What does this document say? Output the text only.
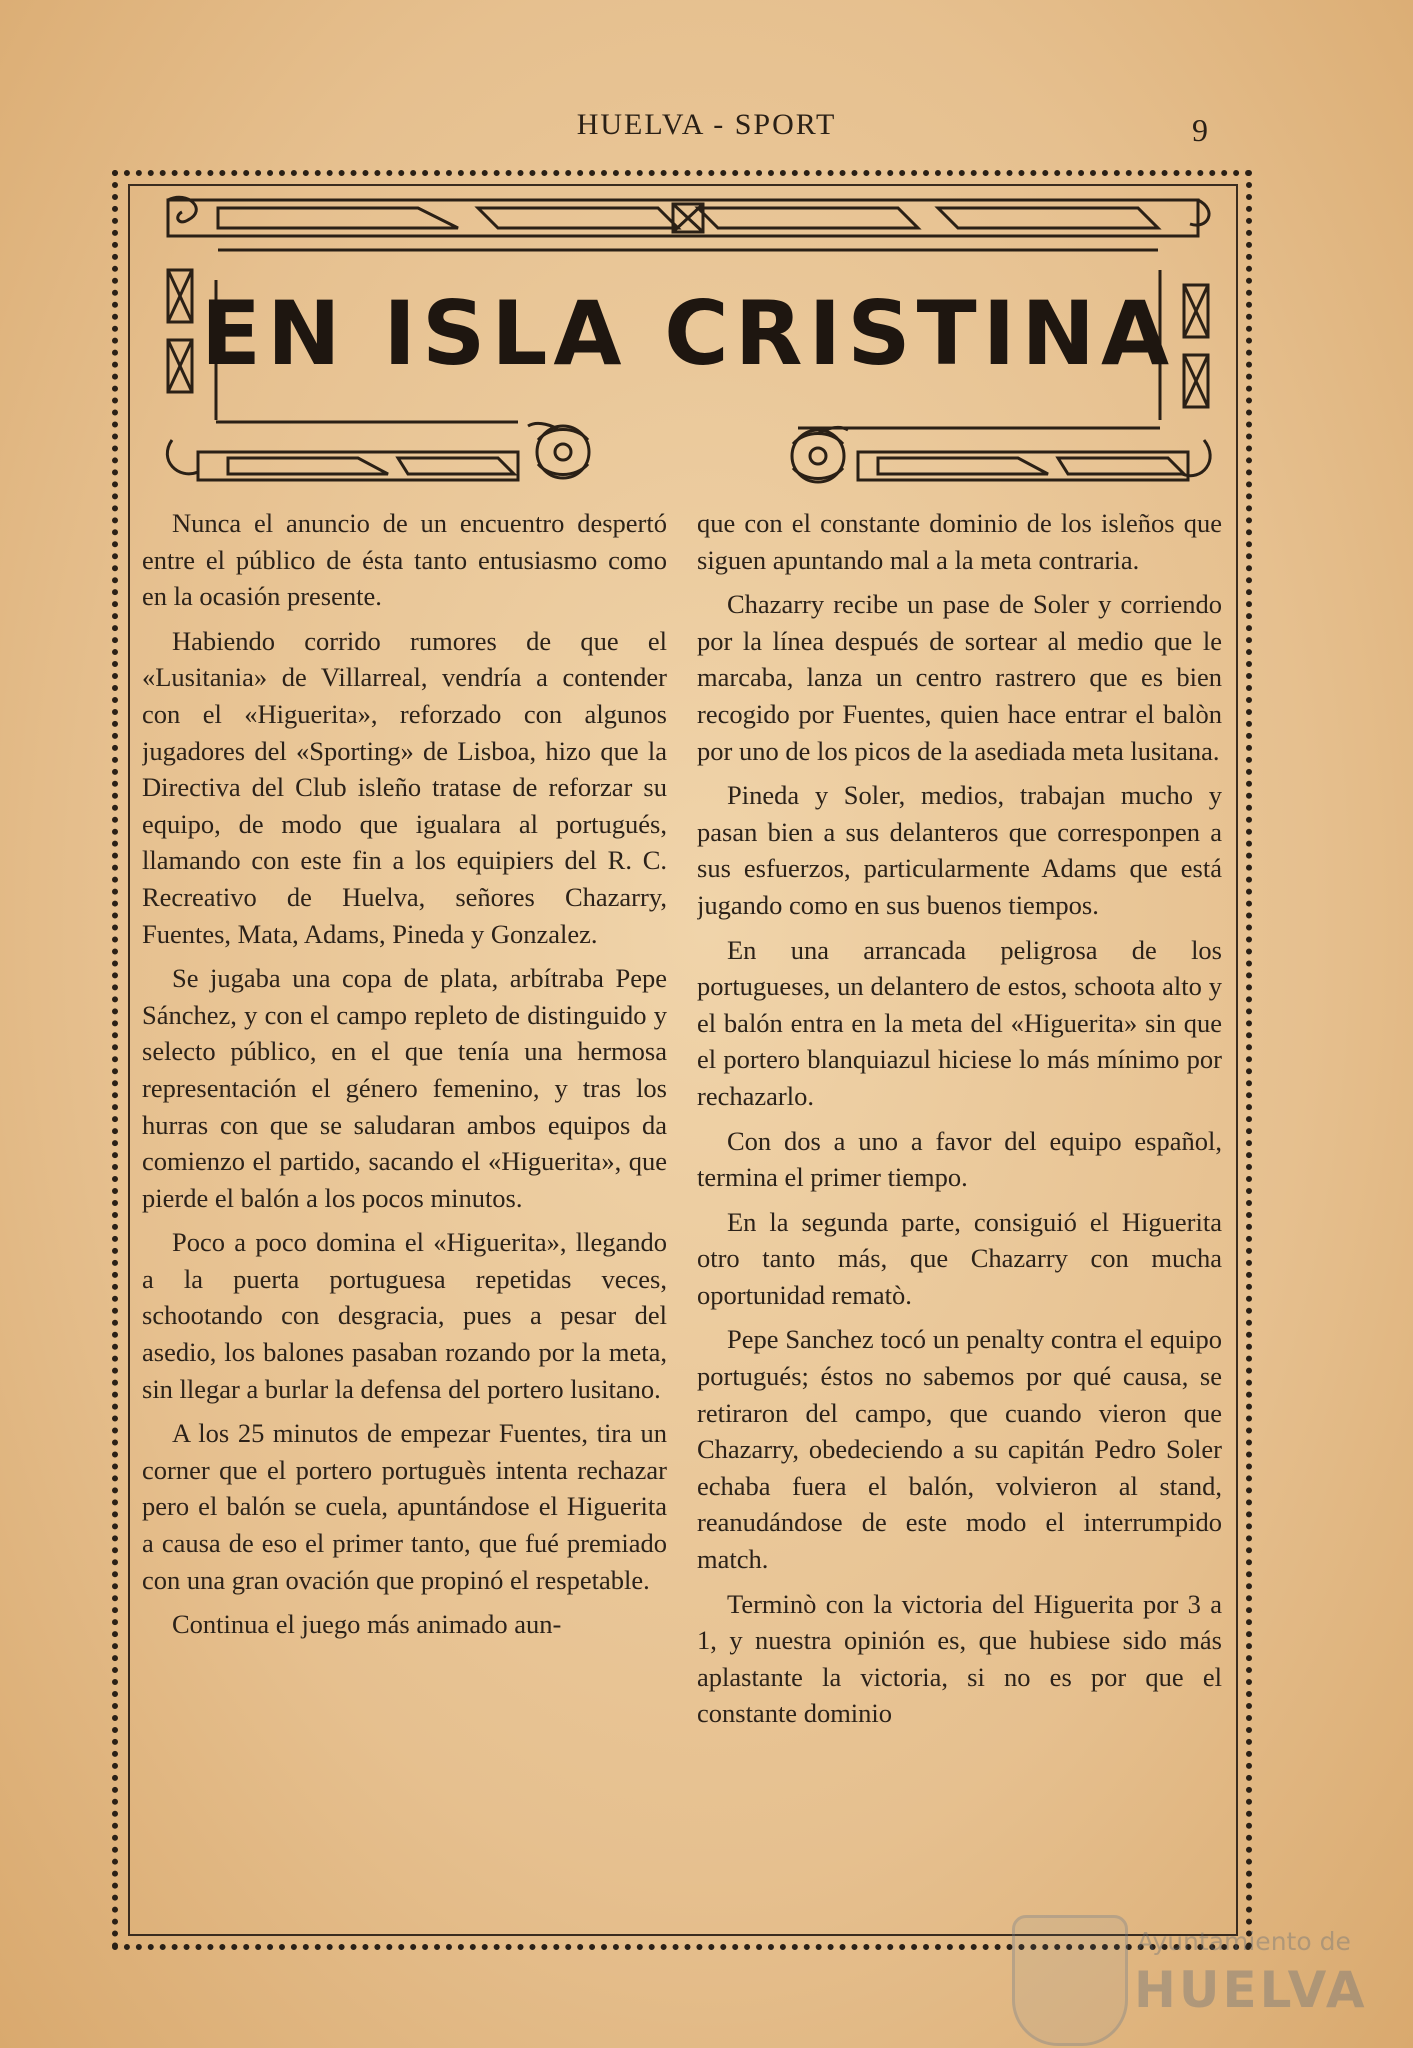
HUELVA - SPORT	9
EN ISLA CRISTINA

Nunca el anuncio de un encuentro despertó entre el público de ésta tanto entusiasmo como en la ocasión presente.

Habiendo corrido rumores de que el «Lusitania» de Villarreal, vendría a contender con el «Higuerita», reforzado con algunos jugadores del «Sporting» de Lisboa, hizo que la Directiva del Club isleño tratase de reforzar su equipo, de modo que igualara al portugués, llamando con este fin a los equipiers del R. C. Recreativo de Huelva, señores Chazarry, Fuentes, Mata, Adams, Pineda y Gonzalez.

Se jugaba una copa de plata, arbítraba Pepe Sánchez, y con el campo repleto de distinguido y selecto público, en el que tenía una hermosa representación el género femenino, y tras los hurras con que se saludaran ambos equipos da comienzo el partido, sacando el «Higuerita», que pierde el balón a los pocos minutos.

Poco a poco domina el «Higuerita», llegando a la puerta portuguesa repetidas veces, schootando con desgracia, pues a pesar del asedio, los balones pasaban rozando por la meta, sin llegar a burlar la defensa del portero lusitano.

A los 25 minutos de empezar Fuentes, tira un corner que el portero portuguès intenta rechazar pero el balón se cuela, apuntándose el Higuerita a causa de eso el primer tanto, que fué premiado con una gran ovación que propinó el respetable.

Continua el juego más animado aun-

que con el constante dominio de los isleños que siguen apuntando mal a la meta contraria.

Chazarry recibe un pase de Soler y corriendo por la línea después de sortear al medio que le marcaba, lanza un centro rastrero que es bien recogido por Fuentes, quien hace entrar el balòn por uno de los picos de la asediada meta lusitana.

Pineda y Soler, medios, trabajan mucho y pasan bien a sus delanteros que corresponpen a sus esfuerzos, particularmente Adams que está jugando como en sus buenos tiempos.

En una arrancada peligrosa de los portugueses, un delantero de estos, schoota alto y el balón entra en la meta del «Higuerita» sin que el portero blanquiazul hiciese lo más mínimo por rechazarlo.

Con dos a uno a favor del equipo español, termina el primer tiempo.

En la segunda parte, consiguió el Higuerita otro tanto más, que Chazarry con mucha oportunidad rematò.

Pepe Sanchez tocó un penalty contra el equipo portugués; éstos no sabemos por qué causa, se retiraron del campo, que cuando vieron que Chazarry, obedeciendo a su capitán Pedro Soler echaba fuera el balón, volvieron al stand, reanudándose de este modo el interrumpido match.

Terminò con la victoria del Higuerita por 3 a 1, y nuestra opinión es, que hubiese sido más aplastante la victoria, si no es por que el constante dominio

Ayuntamiento de
HUELVA
